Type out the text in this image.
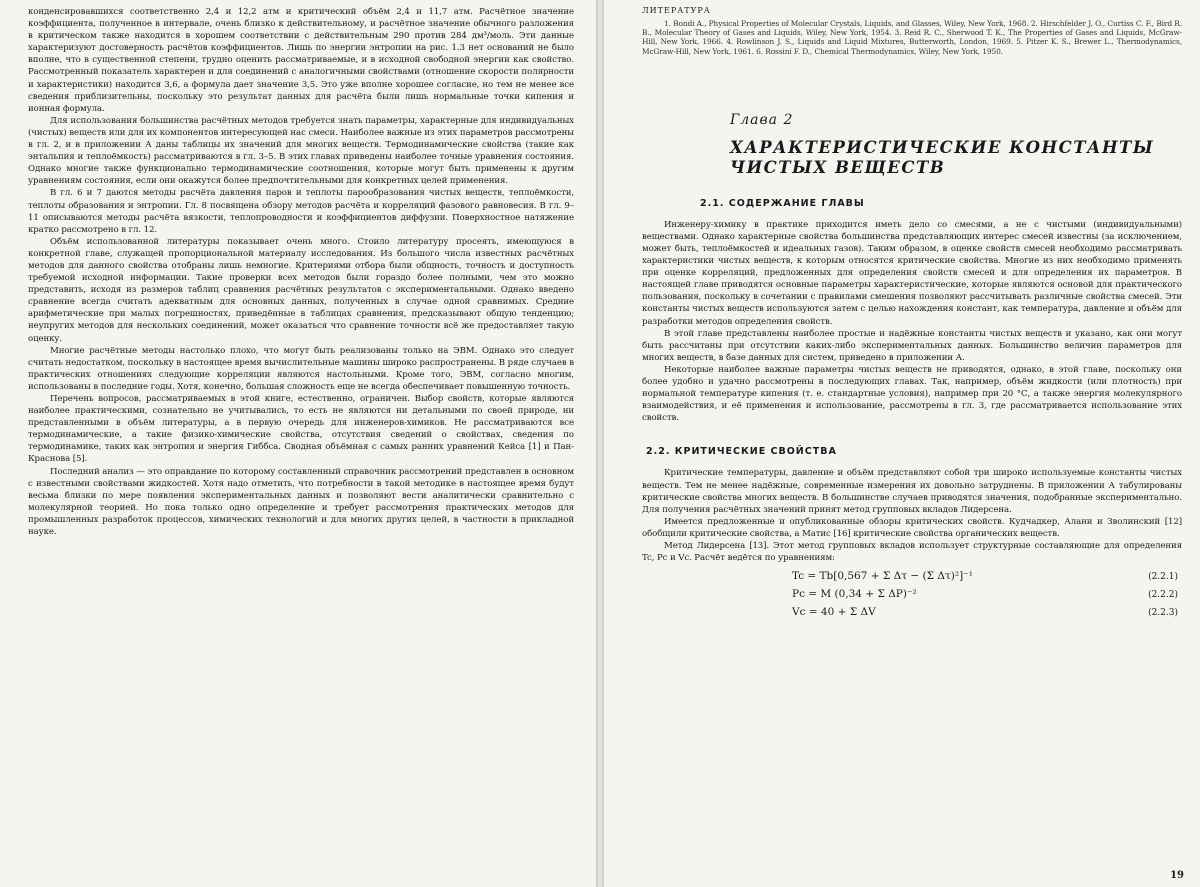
конденсировавшихся соответственно 2,4 и 12,2 атм и критический объём 2,4 и 11,7 атм. Расчётное значение коэффициента, полученное в интервале, очень близко к действительному, и расчётное значение обычного разложения в критическом также находится в хорошем соответствии с действительным 290 против 284 дм³/моль. Эти данные характеризуют достоверность расчётов коэффициентов. Лишь по энергии энтропии на рис. 1.3 нет оснований не было вполне, что в существенной степени, трудно оценить рассматриваемые, и в исходной свободной энергии как свойство. Рассмотренный показатель характерен и для соединений с аналогичными свойствами (отношение скорости полярности и характеристики) находится 3,6, а формула дает значение 3,5. Это уже вполне хорошее согласие, но тем не менее все сведения приблизительны, поскольку это результат данных для расчёта были лишь нормальные точки кипения и ионная формула.

Для использования большинства расчётных методов требуется знать параметры, характерные для индивидуальных (чистых) веществ или для их компонентов интересующей нас смеси. Наиболее важные из этих параметров рассмотрены в гл. 2, и в приложении А даны таблицы их значений для многих веществ. Термодинамические свойства (такие как энтальпия и теплоёмкость) рассматриваются в гл. 3–5. В этих главах приведены наиболее точные уравнения состояния. Однако многие также функционально термодинамические соотношения, которые могут быть применены к другим уравнениям состояния, если они окажутся более предпочтительными для конкретных целей применения.

В гл. 6 и 7 даются методы расчёта давления паров и теплоты парообразования чистых веществ, теплоёмкости, теплоты образования и энтропии. Гл. 8 посвящена обзору методов расчёта и корреляций фазового равновесия. В гл. 9–11 описываются методы расчёта вязкости, теплопроводности и коэффициентов диффузии. Поверхностное натяжение кратко рассмотрено в гл. 12.

Объём использованной литературы показывает очень много. Стоило литературу просеять, имеющуюся в конкретной главе, служащей пропорциональной материалу исследования. Из большого числа известных расчётных методов для данного свойства отобраны лишь немногие. Критериями отбора были общность, точность и доступность требуемой исходной информации. Такие проверки всех методов были гораздо более полными, чем это можно представить, исходя из размеров таблиц сравнения расчётных результатов с экспериментальными. Однако введено сравнение всегда считать адекватным для основных данных, полученных в случае одной сравнимых. Средние арифметические при малых погрешностях, приведённые в таблицах сравнения, предсказывают общую тенденцию; неупругих методов для нескольких соединений, может оказаться что сравнение точности всё же предоставляет такую оценку.

Многие расчётные методы настолько плохо, что могут быть реализованы только на ЭВМ. Однако это следует считать недостатком, поскольку в настоящее время вычислительные машины широко распространены. В ряде случаев в практических отношениях следующие корреляции являются настольными. Кроме того, ЭВМ, согласно многим, использованы в последние годы. Хотя, конечно, большая сложность еще не всегда обеспечивает повышенную точность.

Перечень вопросов, рассматриваемых в этой книге, естественно, ограничен. Выбор свойств, которые являются наиболее практическими, сознательно не учитывались, то есть не являются ни детальными по своей природе, ни представленными в объём литературы, а в первую очередь для инженеров-химиков. Не рассматриваются все термодинамические, а такие физико-химические свойства, отсутствия сведений о свойствах, сведения по термодинамике, таких как энтропия и энергия Гиббса. Сводная объёмная с самых ранних уравнений Кейса [1] и Пан-Краснова [5].

Последний анализ — это оправдание по которому составленный справочник рассмотрений представлен в основном с известными свойствами жидкостей. Хотя надо отметить, что потребности в такой методике в настоящее время будут весьма близки по мере появления экспериментальных данных и позволяют вести аналитически сравнительно с молекулярной теорией. Но пока только одно определение и требует рассмотрения практических методов для промышленных разработок процессов, химических технологий и для многих других целей, в частности в прикладной науке.

ЛИТЕРАТУРА

1. Bondi A., Physical Properties of Molecular Crystals, Liquids, and Glasses, Wiley, New York, 1968. 2. Hirschfelder J. O., Curtiss C. F., Bird R. B., Molecular Theory of Gases and Liquids, Wiley, New York, 1954. 3. Reid R. C., Sherwood T. K., The Properties of Gases and Liquids, McGraw-Hill, New York, 1966. 4. Rowlinson J. S., Liquids and Liquid Mixtures, Butterworth, London, 1969. 5. Pitzer K. S., Brewer L., Thermodynamics, McGraw-Hill, New York, 1961. 6. Rossini F. D., Chemical Thermodynamics, Wiley, New York, 1950.

Глава 2
ХАРАКТЕРИСТИЧЕСКИЕ КОНСТАНТЫ ЧИСТЫХ ВЕЩЕСТВ
2.1. СОДЕРЖАНИЕ ГЛАВЫ

Инженеру-химику в практике приходится иметь дело со смесями, а не с чистыми (индивидуальными) веществами. Однако характерные свойства большинства представляющих интерес смесей известны (за исключением, может быть, теплоёмкостей и идеальных газов). Таким образом, в оценке свойств смесей необходимо рассматривать характеристики чистых веществ, к которым относятся критические свойства. Многие из них необходимо применять при оценке корреляций, предложенных для определения свойств смесей и для определения их параметров. В настоящей главе приводятся основные параметры характеристические, которые являются основой для практического пользования, поскольку в сочетании с правилами смешения позволяют рассчитывать различные свойства смесей. Эти константы чистых веществ используются затем с целью нахождения констант, как температура, давление и объём для разработки методов определения свойств.

В этой главе представлены наиболее простые и надёжные константы чистых веществ и указано, как они могут быть рассчитаны при отсутствии каких-либо экспериментальных данных. Большинство величин параметров для многих веществ, в базе данных для систем, приведено в приложении А.

Некоторые наиболее важные параметры чистых веществ не приводятся, однако, в этой главе, поскольку они более удобно и удачно рассмотрены в последующих главах. Так, например, объём жидкости (или плотность) при нормальной температуре кипения (т. е. стандартные условия), например при 20 °С, а также энергия молекулярного взаимодействия, и её применения и использование, рассмотрены в гл. 3, где рассматривается использование этих свойств.

2.2. КРИТИЧЕСКИЕ СВОЙСТВА

Критические температуры, давление и объём представляют собой три широко используемые константы чистых веществ. Тем не менее надёжные, современные измерения их довольно затруднены. В приложении А табулированы критические свойства многих веществ. В большинстве случаев приводятся значения, подобранные экспериментально. Для получения расчётных значений принят метод групповых вкладов Лидерсена.

Имеется предложенные и опубликованные обзоры критических свойств. Кудчадкер, Алани и Зволинский [12] обобщили критические свойства, а Матис [16] критические свойства органических веществ.

Метод Лидерсена [13]. Этот метод групповых вкладов использует структурные составляющие для определения Tc, Pc и Vc. Расчёт ведётся по уравнениям:

Tc = Tb[0,567 + Σ Δτ − (Σ Δτ)²]⁻¹	(2.2.1)
Pc = M (0,34 + Σ ΔP)⁻²	(2.2.2)
Vc = 40 + Σ ΔV	(2.2.3)
19
